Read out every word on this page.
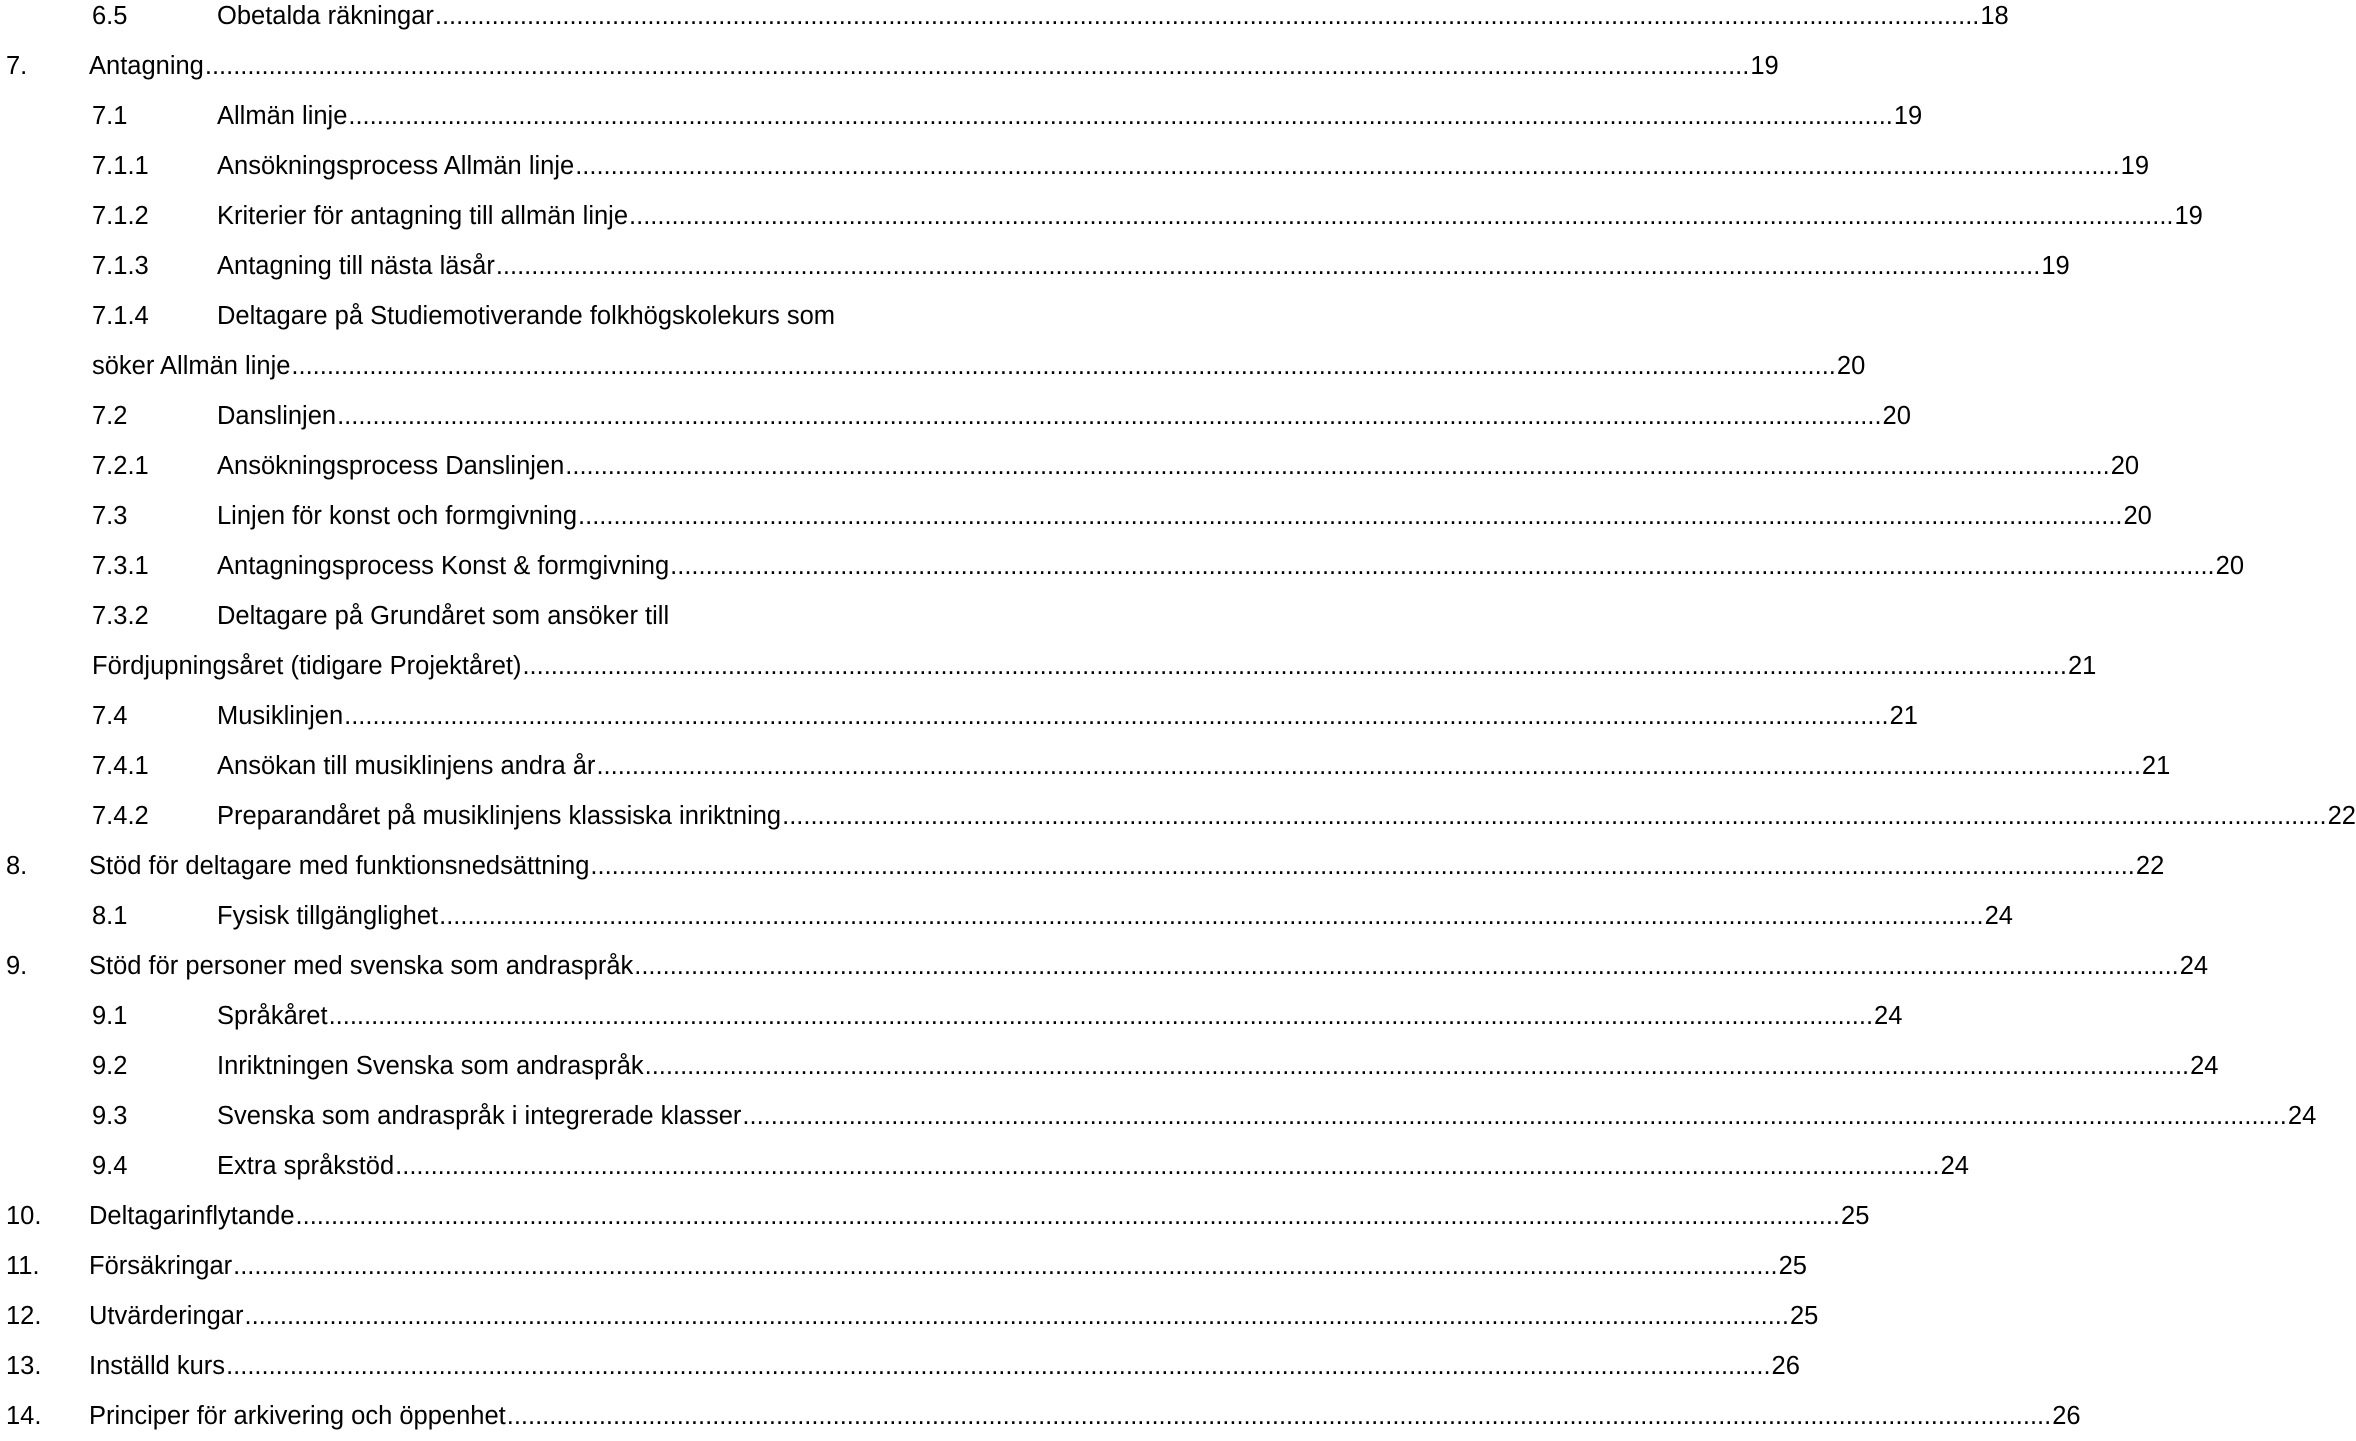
6.5	Obetalda räkningar .....	18
7.	Antagning .....	19
7.1	Allmän linje .....	19
7.1.1	Ansökningsprocess Allmän linje .....	19
7.1.2	Kriterier för antagning till allmän linje .....	19
7.1.3	Antagning till nästa läsår .....	19
7.1.4	Deltagare på Studiemotiverande folkhögskolekurs som
söker Allmän linje .....	20
7.2	Danslinjen .....	20
7.2.1	Ansökningsprocess Danslinjen .....	20
7.3	Linjen för konst och formgivning .....	20
7.3.1	Antagningsprocess Konst & formgivning .....	20
7.3.2	Deltagare på Grundåret som ansöker till
Fördjupningsåret (tidigare Projektåret) .....	21
7.4	Musiklinjen .....	21
7.4.1	Ansökan till musiklinjens andra år .....	21
7.4.2	Preparandåret på musiklinjens klassiska inriktning .....	22
8.	Stöd för deltagare med funktionsnedsättning .....	22
8.1	Fysisk tillgänglighet .....	24
9.	Stöd för personer med svenska som andraspråk .....	24
9.1	Språkåret .....	24
9.2	Inriktningen Svenska som andraspråk .....	24
9.3	Svenska som andraspråk i integrerade klasser .....	24
9.4	Extra språkstöd .....	24
10.	Deltagarinflytande .....	25
11.	Försäkringar .....	25
12.	Utvärderingar .....	25
13.	Inställd kurs .....	26
14.	Principer för arkivering och öppenhet .....	26
